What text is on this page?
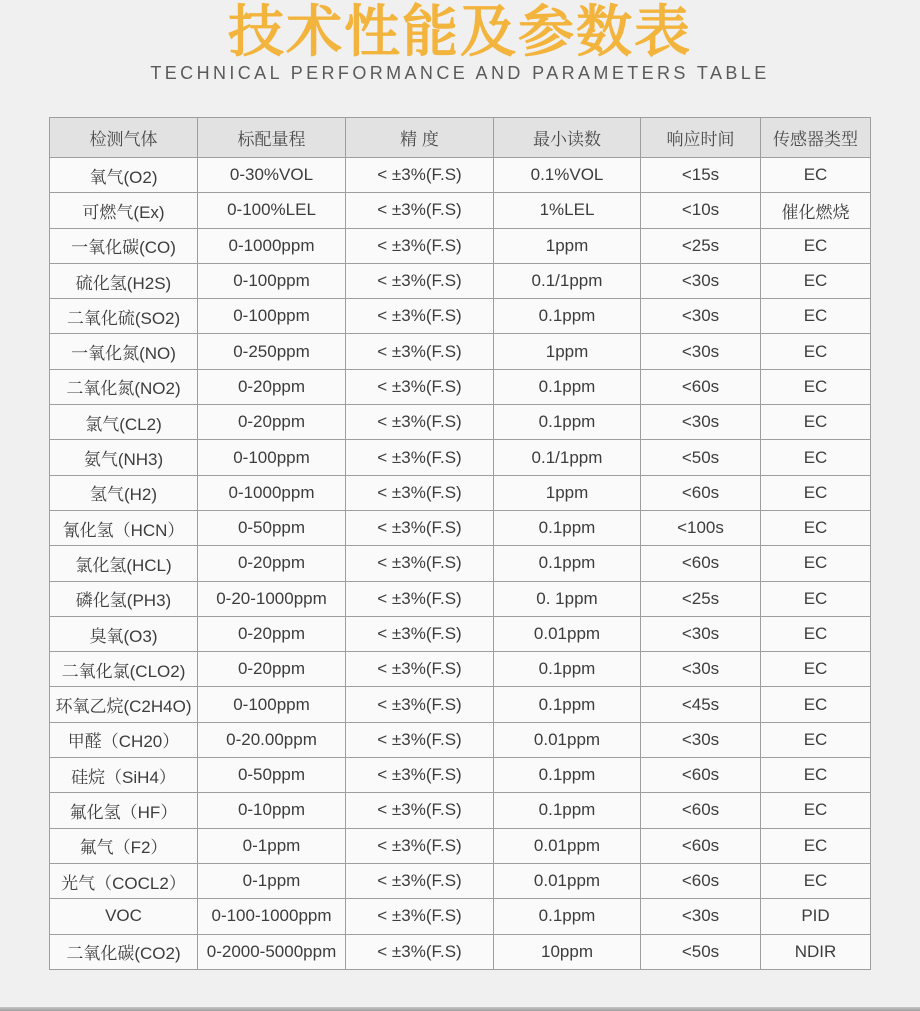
技术性能及参数表
TECHNICAL PERFORMANCE AND PARAMETERS TABLE
检测气体	标配量程	精 度	最小读数	响应时间	传感器类型
氧气(O2)	0-30%VOL	< ±3%(F.S)	0.1%VOL	<15s	EC
可燃气(Ex)	0-100%LEL	< ±3%(F.S)	1%LEL	<10s	催化燃烧
一氧化碳(CO)	0-1000ppm	< ±3%(F.S)	1ppm	<25s	EC
硫化氢(H2S)	0-100ppm	< ±3%(F.S)	0.1/1ppm	<30s	EC
二氧化硫(SO2)	0-100ppm	< ±3%(F.S)	0.1ppm	<30s	EC
一氧化氮(NO)	0-250ppm	< ±3%(F.S)	1ppm	<30s	EC
二氧化氮(NO2)	0-20ppm	< ±3%(F.S)	0.1ppm	<60s	EC
氯气(CL2)	0-20ppm	< ±3%(F.S)	0.1ppm	<30s	EC
氨气(NH3)	0-100ppm	< ±3%(F.S)	0.1/1ppm	<50s	EC
氢气(H2)	0-1000ppm	< ±3%(F.S)	1ppm	<60s	EC
氰化氢（HCN）	0-50ppm	< ±3%(F.S)	0.1ppm	<100s	EC
氯化氢(HCL)	0-20ppm	< ±3%(F.S)	0.1ppm	<60s	EC
磷化氢(PH3)	0-20-1000ppm	< ±3%(F.S)	0. 1ppm	<25s	EC
臭氧(O3)	0-20ppm	< ±3%(F.S)	0.01ppm	<30s	EC
二氧化氯(CLO2)	0-20ppm	< ±3%(F.S)	0.1ppm	<30s	EC
环氧乙烷(C2H4O)	0-100ppm	< ±3%(F.S)	0.1ppm	<45s	EC
甲醛（CH20）	0-20.00ppm	< ±3%(F.S)	0.01ppm	<30s	EC
硅烷（SiH4）	0-50ppm	< ±3%(F.S)	0.1ppm	<60s	EC
氟化氢（HF）	0-10ppm	< ±3%(F.S)	0.1ppm	<60s	EC
氟气（F2）	0-1ppm	< ±3%(F.S)	0.01ppm	<60s	EC
光气（COCL2）	0-1ppm	< ±3%(F.S)	0.01ppm	<60s	EC
VOC	0-100-1000ppm	< ±3%(F.S)	0.1ppm	<30s	PID
二氧化碳(CO2)	0-2000-5000ppm	< ±3%(F.S)	10ppm	<50s	NDIR
